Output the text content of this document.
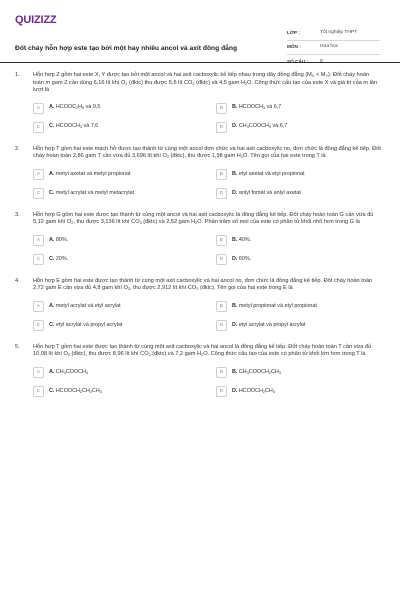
QUIZIZZ
Đốt cháy hỗn hợp este tạo bởi một hay nhiều ancol và axit đồng đẳng
LỚP :	Tốt nghiệp THPT
MÔN :	Hóa học
SỐ CÂU :	5
1.	Hỗn hợp Z gồm hai este X, Y được tạo bởi một ancol và hai axit cacboxylic kế tiếp nhau trong dãy đồng đẳng $(M_X < M_Y)$. Đốt cháy hoàn toàn m gam Z cần dùng 6,16 lít khí $O_2$ (đktc) thu được 5,6 lít $CO_2$ (đktc) và 4,5 gam $H_2O$. Công thức cấu tạo của este X và giá trị của m lần lượt là
A	A. $HCOOC_2H_5$ và 9,5	B	B. $HCOOCH_3$ và 6,7
C	C. $HCOOCH_3$ và 7,6	D	D. $CH_3COOCH_3$ và 6,7
2.	Hỗn hợp T gồm hai este mạch hở được tạo thành từ cùng một ancol đơn chức và hai axit cacboxylic no, đơn chức là đồng đẳng kế tiếp. Đốt cháy hoàn toàn 2,86 gam T cần vừa đủ 3,696 lít khí $O_2$ (đktc), thu được 1,98 gam $H_2O$. Tên gọi của hai este trong T là
A	A. metyl axetat và metyl propionat	B	B. etyl axetat và etyl propionat
C	C. metyl acrylat và metyl metacrylat	D	D. anlyl fomat và anlyl axetat
3.	Hỗn hợp G gồm hai este được tạo thành từ cùng một ancol và hai axit cacboxylic là đồng đẳng kế tiếp. Đốt cháy hoàn toàn G cần vừa đủ 5,12 gam khí $O_2$, thu được 3,136 lít khí $CO_2$ (đktc) và 2,52 gam $H_2O$. Phần trăm số mol của este có phân tử khối nhỏ hơn trong G là
A	A. 80%.	B	B. 40%.
C	C. 20%.	D	D. 60%.
4.	Hỗn hợp E gồm hai este được tạo thành từ cùng một axit cacboxylic và hai ancol no, đơn chức là đồng đẳng kế tiếp. Đốt cháy hoàn toàn 2,72 gam E cần vừa đủ 4,8 gam khí $O_2$, thu được 2,912 lít khí $CO_2$ (đktc). Tên gọi của hai este trong E là
A	A. metyl acrylat và etyl acrylat	B	B. metyl propionat và etyl propionat
C	C. etyl acrylat và propyl acrylat	D	D. etyl acrylat và propyl acrylat
5.	Hỗn hợp T gồm hai este được tạo thành từ cùng một axit cacboxylic và hai ancol là đồng đẳng kế tiếp. Đốt cháy hoàn toàn T cần vừa đủ 10,08 lít khí $O_2$ (đktc), thu được 8,96 lít khí $CO_2$ (đktc) và 7,2 gam $H_2O$. Công thức cấu tạo của este có phân tử khối lớn hơn trong T là
A	A. $CH_3COOCH_3$	B	B. $CH_3COOCH_2CH_3$
C	C. $HCOOCH_2CH_2CH_3$	D	D. $HCOOCH_2CH_3$
